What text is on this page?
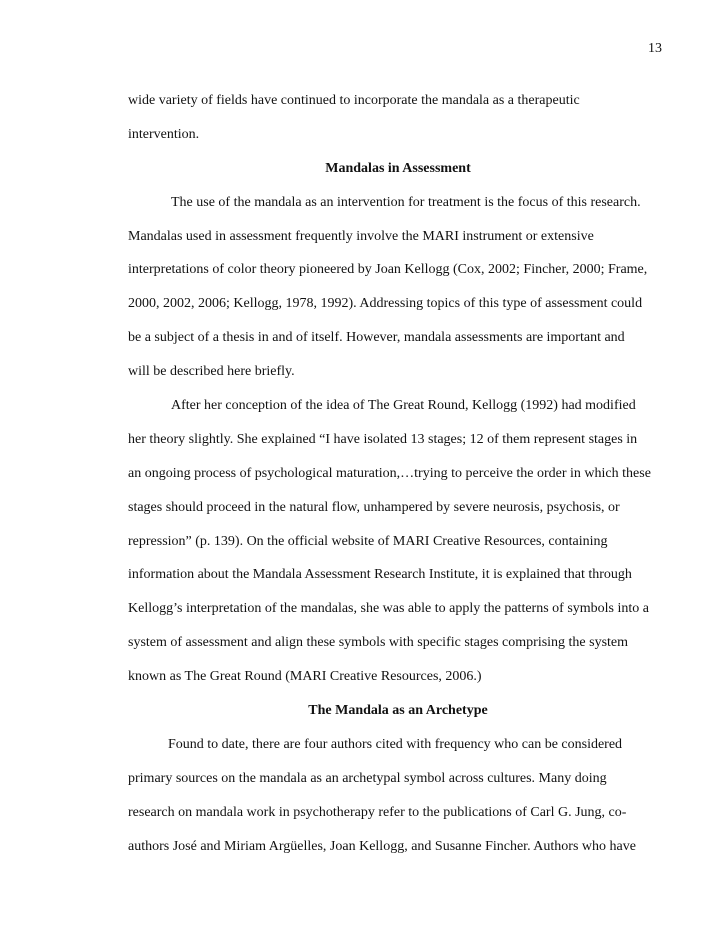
13
wide variety of fields have continued to incorporate the mandala as a therapeutic
intervention.
Mandalas in Assessment
The use of the mandala as an intervention for treatment is the focus of this research.
Mandalas used in assessment frequently involve the MARI instrument or extensive
interpretations of color theory pioneered by Joan Kellogg (Cox, 2002; Fincher, 2000; Frame,
2000, 2002, 2006; Kellogg, 1978, 1992). Addressing topics of this type of assessment could
be a subject of a thesis in and of itself. However, mandala assessments are important and
will be described here briefly.
After her conception of the idea of The Great Round, Kellogg (1992) had modified
her theory slightly. She explained “I have isolated 13 stages; 12 of them represent stages in
an ongoing process of psychological maturation,…trying to perceive the order in which these
stages should proceed in the natural flow, unhampered by severe neurosis, psychosis, or
repression” (p. 139). On the official website of MARI Creative Resources, containing
information about the Mandala Assessment Research Institute, it is explained that through
Kellogg’s interpretation of the mandalas, she was able to apply the patterns of symbols into a
system of assessment and align these symbols with specific stages comprising the system
known as The Great Round (MARI Creative Resources, 2006.)
The Mandala as an Archetype
Found to date, there are four authors cited with frequency who can be considered
primary sources on the mandala as an archetypal symbol across cultures. Many doing
research on mandala work in psychotherapy refer to the publications of Carl G. Jung, co-
authors José and Miriam Argüelles, Joan Kellogg, and Susanne Fincher. Authors who have
